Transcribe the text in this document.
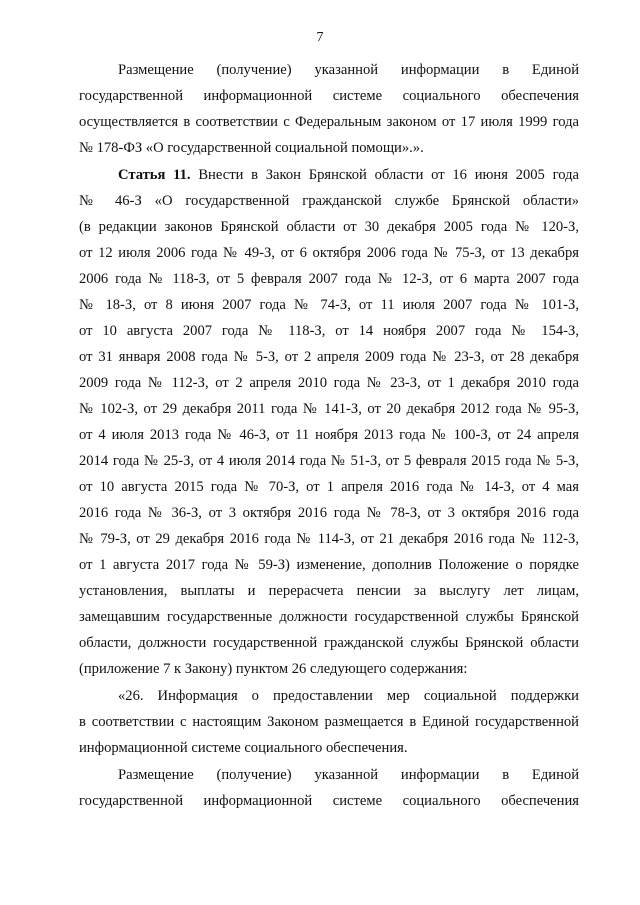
7
Размещение (получение) указанной информации в Единой
государственной информационной системе социального обеспечения
осуществляется в соответствии с Федеральным законом от 17 июля 1999 года
№ 178-ФЗ «О государственной социальной помощи».».
Статья 11. Внести в Закон Брянской области от 16 июня 2005 года
№ 46-З «О государственной гражданской службе Брянской области»
(в редакции законов Брянской области от 30 декабря 2005 года № 120-З,
от 12 июля 2006 года № 49-З, от 6 октября 2006 года № 75-З, от 13 декабря
2006 года № 118-З, от 5 февраля 2007 года № 12-З, от 6 марта 2007 года
№ 18-З, от 8 июня 2007 года № 74-З, от 11 июля 2007 года № 101-З,
от 10 августа 2007 года № 118-З, от 14 ноября 2007 года № 154-З,
от 31 января 2008 года № 5-З, от 2 апреля 2009 года № 23-З, от 28 декабря
2009 года № 112-З, от 2 апреля 2010 года № 23-З, от 1 декабря 2010 года
№ 102-З, от 29 декабря 2011 года № 141-З, от 20 декабря 2012 года № 95-З,
от 4 июля 2013 года № 46-З, от 11 ноября 2013 года № 100-З, от 24 апреля
2014 года № 25-З, от 4 июля 2014 года № 51-З, от 5 февраля 2015 года № 5-З,
от 10 августа 2015 года № 70-З, от 1 апреля 2016 года № 14-З, от 4 мая
2016 года № 36-З, от 3 октября 2016 года № 78-З, от 3 октября 2016 года
№ 79-З, от 29 декабря 2016 года № 114-З, от 21 декабря 2016 года № 112-З,
от 1 августа 2017 года № 59-З) изменение, дополнив Положение о порядке
установления, выплаты и перерасчета пенсии за выслугу лет лицам,
замещавшим государственные должности государственной службы Брянской
области, должности государственной гражданской службы Брянской области
(приложение 7 к Закону) пунктом 26 следующего содержания:
«26. Информация о предоставлении мер социальной поддержки
в соответствии с настоящим Законом размещается в Единой государственной
информационной системе социального обеспечения.
Размещение (получение) указанной информации в Единой
государственной информационной системе социального обеспечения
